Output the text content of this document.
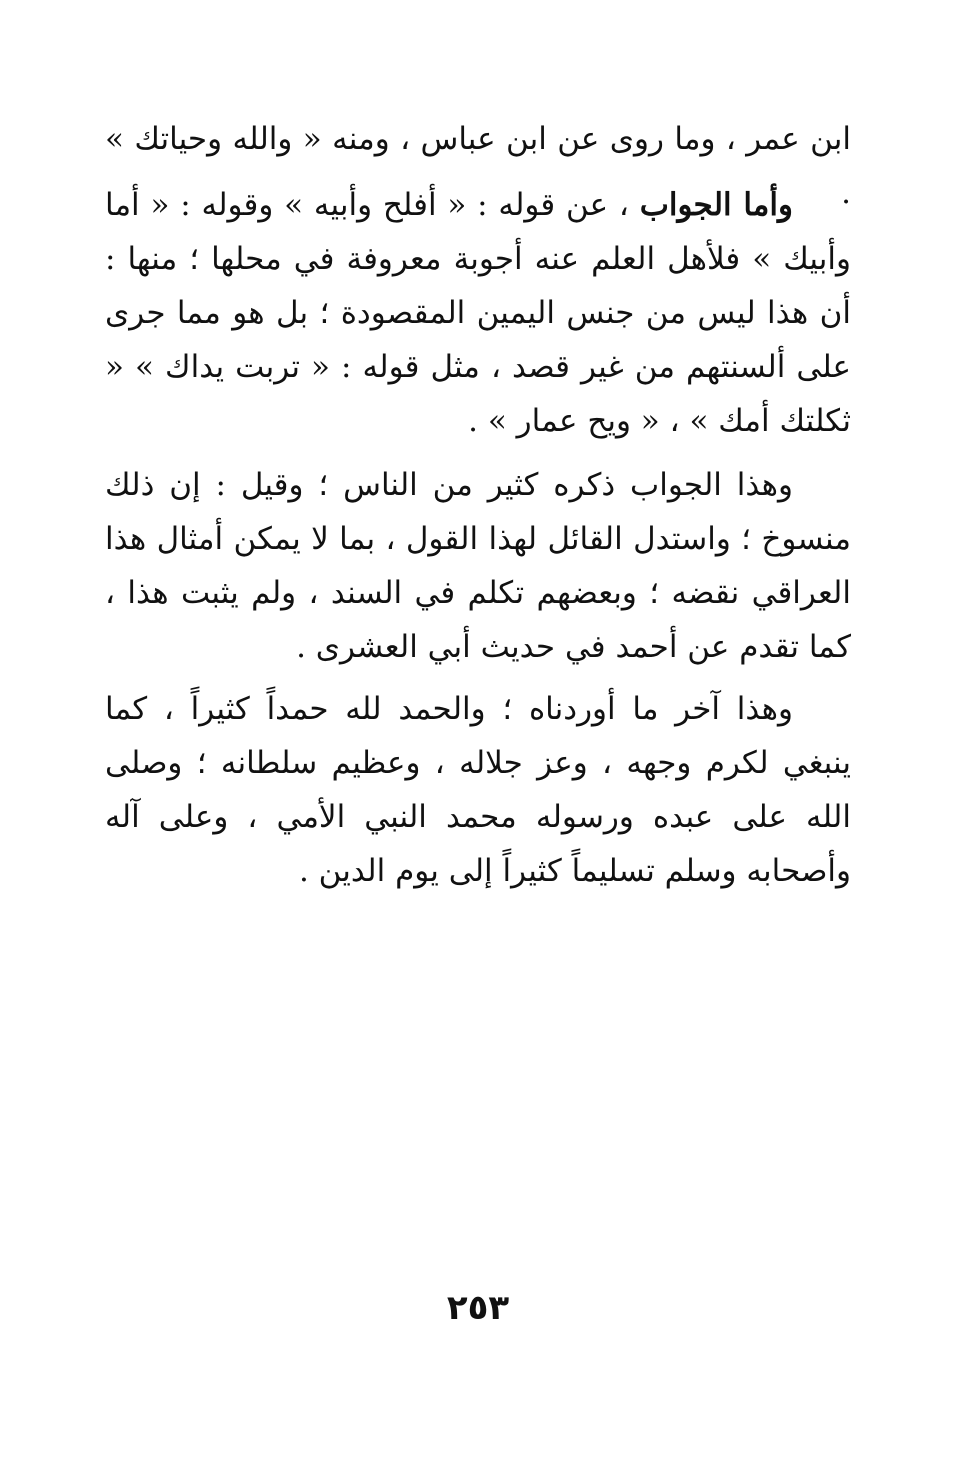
ابن عمر ، وما روى عن ابن عباس ، ومنه « والله وحياتك » .

وأما الجواب ، عن قوله : « أفلح وأبيه » وقوله : « أما وأبيك » فلأهل العلم عنه أجوبة معروفة في محلها ؛ منها : أن هذا ليس من جنس اليمين المقصودة ؛ بل هو مما جرى على ألسنتهم من غير قصد ، مثل قوله : « تربت يداك » « ثكلتك أمك » ، « ويح عمار » .

وهذا الجواب ذكره كثير من الناس ؛ وقيل : إن ذلك منسوخ ؛ واستدل القائل لهذا القول ، بما لا يمكن أمثال هذا العراقي نقضه ؛ وبعضهم تكلم في السند ، ولم يثبت هذا ، كما تقدم عن أحمد في حديث أبي العشرى .

وهذا آخر ما أوردناه ؛ والحمد لله حمداً كثيراً ، كما ينبغي لكرم وجهه ، وعز جلاله ، وعظيم سلطانه ؛ وصلى الله على عبده ورسوله محمد النبي الأمي ، وعلى آله وأصحابه وسلم تسليماً كثيراً إلى يوم الدين .

٢٥٣
